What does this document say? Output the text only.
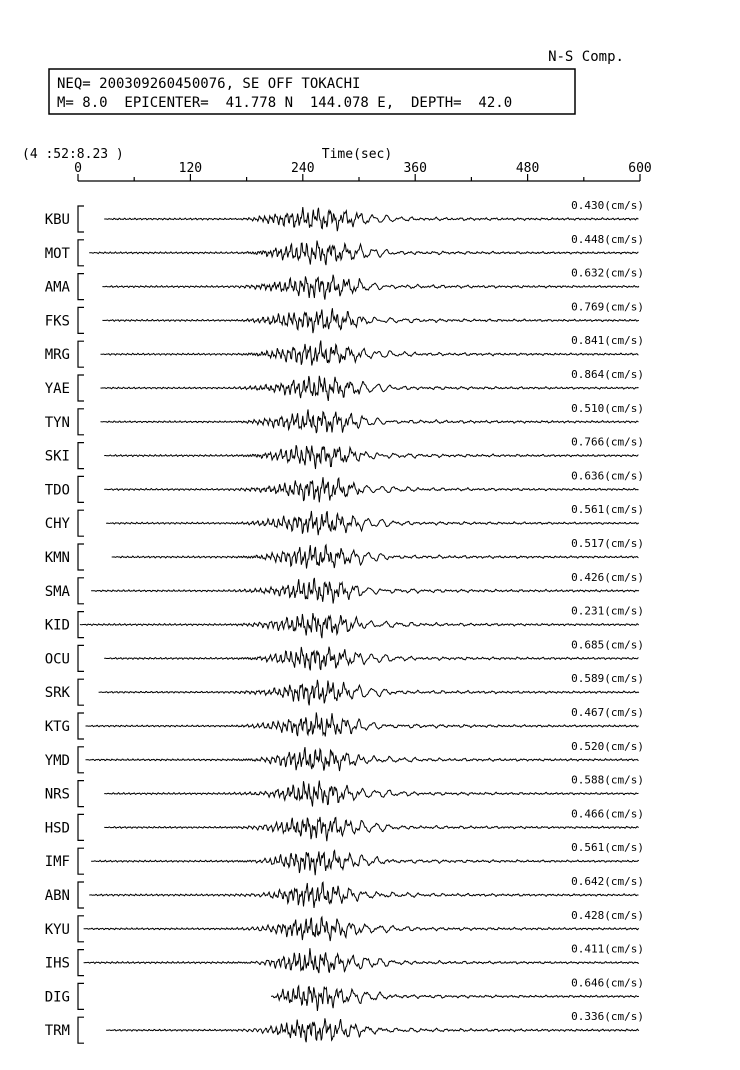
N-S Comp.
NEQ= 200309260450076, SE OFF TOKACHI
M= 8.0  EPICENTER=  41.778 N  144.078 E,  DEPTH=  42.0
(4 :52:8.23 )	Time(sec)
0	120	240	360	480	600
KBU
0.430(cm/s)
MOT
0.448(cm/s)
AMA
0.632(cm/s)
FKS
0.769(cm/s)
MRG
0.841(cm/s)
YAE
0.864(cm/s)
TYN
0.510(cm/s)
SKI
0.766(cm/s)
TDO
0.636(cm/s)
CHY
0.561(cm/s)
KMN
0.517(cm/s)
SMA
0.426(cm/s)
KID
0.231(cm/s)
OCU
0.685(cm/s)
SRK
0.589(cm/s)
KTG
0.467(cm/s)
YMD
0.520(cm/s)
NRS
0.588(cm/s)
HSD
0.466(cm/s)
IMF
0.561(cm/s)
ABN
0.642(cm/s)
KYU
0.428(cm/s)
IHS
0.411(cm/s)
DIG
0.646(cm/s)
TRM
0.336(cm/s)
